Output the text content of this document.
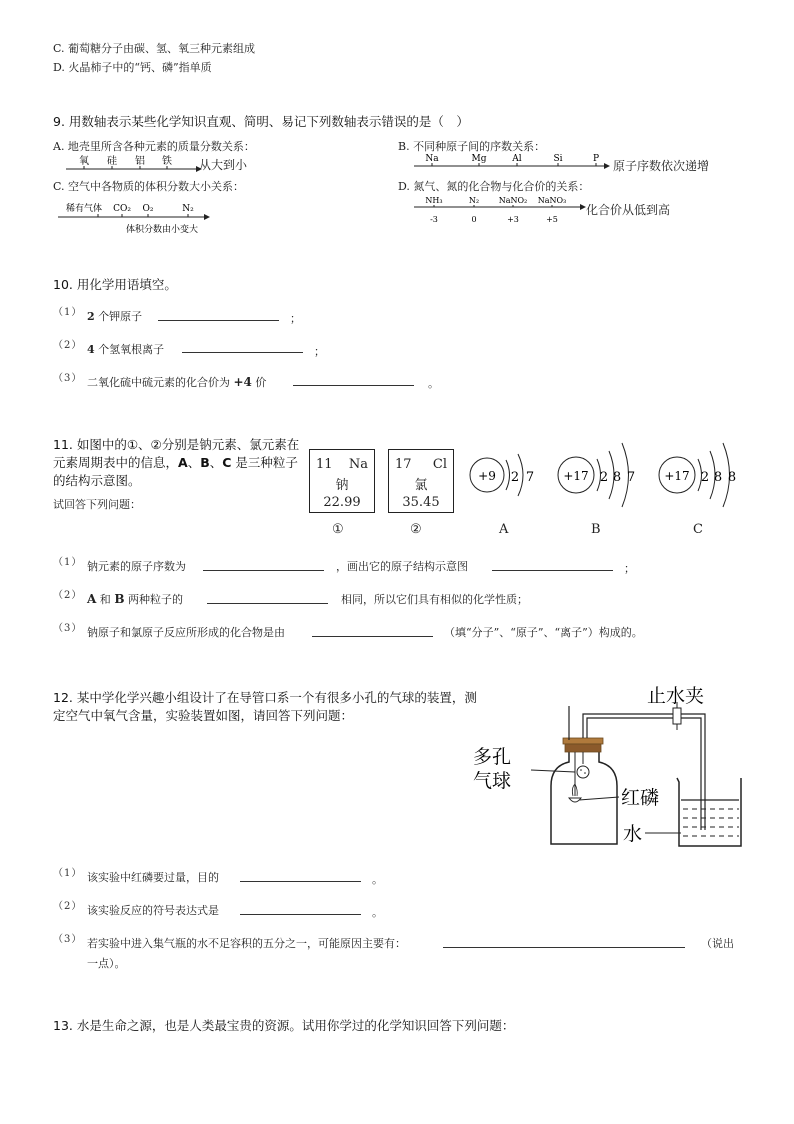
C. 葡萄糖分子由碳、氢、氧三种元素组成
D. 火晶柿子中的“钙、磷”指单质
9. 用数轴表示某些化学知识直观、简明、易记下列数轴表示错误的是（　）
A. 地壳里所含各种元素的质量分数关系：
氧 硅 铝 铁 从大到小
B. 不同种原子间的序数关系：
Na	Mg	Al	Si	P 原子序数依次递增
C. 空气中各物质的体积分数大小关系：
稀有气体 CO₂ O₂	N₂
体积分数由小变大
D. 氮气、氮的化合物与化合价的关系：
NH₃	N₂ NaNO₂ NaNO₃
-3	0	+3	+5
化合价从低到高
10. 用化学用语填空。
（1） 2 个钾原子	；
（2） 4 个氢氧根离子	；
（3） 二氧化硫中硫元素的化合价为 +4 价	。
11. 如图中的①、②分别是钠元素、氯元素在
元素周期表中的信息，A、B、C 是三种粒子
的结构示意图。
试回答下列问题：
11 Na
钠
22.99
①
17 Cl
氯
35.45
②
+9 2 7
A
+17 2 8 7
B
+17 2 8 8
C
（1） 钠元素的原子序数为	，画出它的原子结构示意图	；
（2） A 和 B 两种粒子的	相同，所以它们具有相似的化学性质；
（3） 钠原子和氯原子反应所形成的化合物是由	（填“分子”、“原子”、“离子”）构成的。
12. 某中学化学兴趣小组设计了在导管口系一个有很多小孔的气球的装置，测
定空气中氧气含量，实验装置如图，请回答下列问题：
止水夹
多孔
气球
红磷
水
（1） 该实验中红磷要过量，目的	。
（2） 该实验反应的符号表达式是	。
（3） 若实验中进入集气瓶的水不足容积的五分之一，可能原因主要有：	（说出
一点）。
13. 水是生命之源，也是人类最宝贵的资源。试用你学过的化学知识回答下列问题：
